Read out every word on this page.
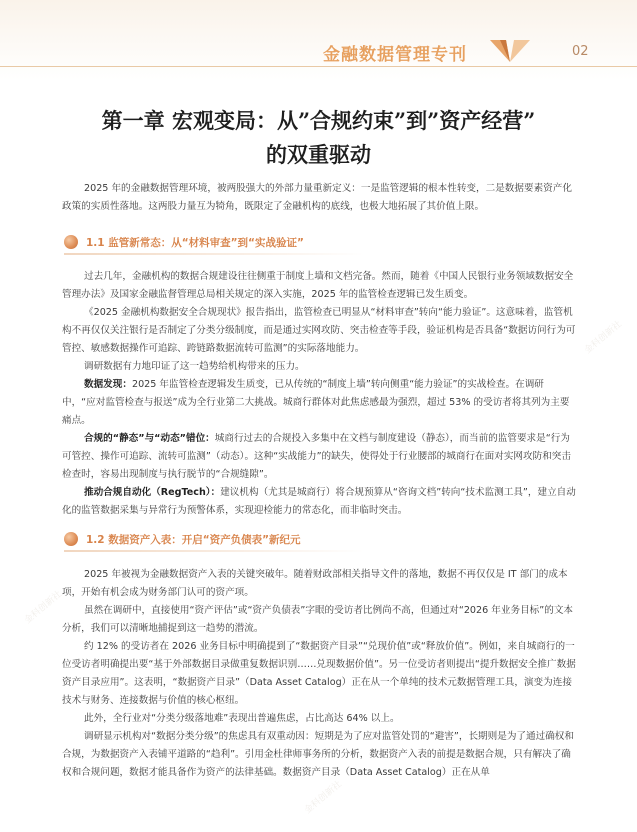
金融数据管理专刊	02
第一章 宏观变局：从”合规约束”到”资产经营”
的双重驱动

2025 年的金融数据管理环境，被两股强大的外部力量重新定义：一是监管逻辑的根本性转变，二是数据要素资产化政策的实质性落地。这两股力量互为犄角，既限定了金融机构的底线，也极大地拓展了其价值上限。

1.1 监管新常态：从“材料审查”到“实战验证”

过去几年，金融机构的数据合规建设往往侧重于制度上墙和文档完备。然而，随着《中国人民银行业务领域数据安全管理办法》及国家金融监督管理总局相关规定的深入实施，2025 年的监管检查逻辑已发生质变。

《2025 金融机构数据安全合规现状》报告指出，监管检查已明显从“材料审查”转向“能力验证”。这意味着，监管机构不再仅仅关注银行是否制定了分类分级制度，而是通过实网攻防、突击检查等手段，验证机构是否具备“数据访问行为可管控、敏感数据操作可追踪、跨链路数据流转可监测”的实际落地能力。

调研数据有力地印证了这一趋势给机构带来的压力。

数据发现：2025 年监管检查逻辑发生质变，已从传统的“制度上墙”转向侧重“能力验证”的实战检查。在调研中，“应对监管检查与报送”成为全行业第二大挑战。城商行群体对此焦虑感最为强烈，超过 53% 的受访者将其列为主要痛点。

合规的“静态”与“动态”错位：城商行过去的合规投入多集中在文档与制度建设（静态），而当前的监管要求是“行为可管控、操作可追踪、流转可监测”（动态）。这种“实战能力”的缺失，使得处于行业腰部的城商行在面对实网攻防和突击检查时，容易出现制度与执行脱节的“合规缝隙”。

推动合规自动化（RegTech）：建议机构（尤其是城商行）将合规预算从“咨询文档”转向“技术监测工具”，建立自动化的监管数据采集与异常行为预警体系，实现迎检能力的常态化，而非临时突击。

1.2 数据资产入表：开启“资产负债表”新纪元

2025 年被视为金融数据资产入表的关键突破年。随着财政部相关指导文件的落地，数据不再仅仅是 IT 部门的成本项，开始有机会成为财务部门认可的资产项。

虽然在调研中，直接使用“资产评估”或“资产负债表”字眼的受访者比例尚不高，但通过对“2026 年业务目标”的文本分析，我们可以清晰地捕捉到这一趋势的潜流。

约 12% 的受访者在 2026 业务目标中明确提到了“数据资产目录”“兑现价值”或“释放价值”。例如，来自城商行的一位受访者明确提出要“基于外部数据目录做重复数据识别……兑现数据价值”。另一位受访者则提出“提升数据安全推广数据资产目录应用”。这表明，“数据资产目录”（Data Asset Catalog）正在从一个单纯的技术元数据管理工具，演变为连接技术与财务、连接数据与价值的核心枢纽。

此外，全行业对“分类分级落地难”表现出普遍焦虑，占比高达 64% 以上。

调研显示机构对“数据分类分级”的焦虑具有双重动因：短期是为了应对监管处罚的“避害”，长期则是为了通过确权和合规，为数据资产入表铺平道路的“趋利”。引用金杜律师事务所的分析，数据资产入表的前提是数据合规，只有解决了确权和合规问题，数据才能具备作为资产的法律基础。数据资产目录（Data Asset Catalog）正在从单

金科创新社
金科创新社
金科创新社
